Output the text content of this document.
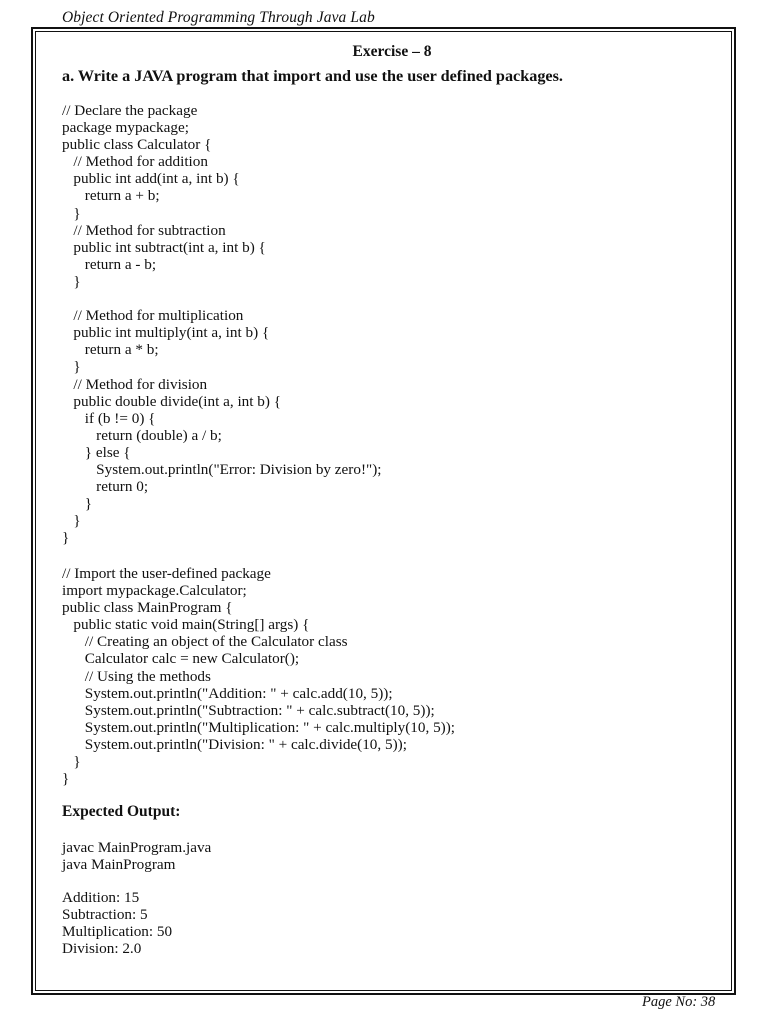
Object Oriented Programming Through Java Lab
Exercise – 8
a. Write a JAVA program that import and use the user defined packages.
// Declare the package
package mypackage;
public class Calculator {
// Method for addition
public int add(int a, int b) {
return a + b;
}
// Method for subtraction
public int subtract(int a, int b) {
return a - b;
}
// Method for multiplication
public int multiply(int a, int b) {
return a * b;
}
// Method for division
public double divide(int a, int b) {
if (b != 0) {
return (double) a / b;
} else {
System.out.println("Error: Division by zero!");
return 0;
}
}
}
// Import the user-defined package
import mypackage.Calculator;
public class MainProgram {
public static void main(String[] args) {
// Creating an object of the Calculator class
Calculator calc = new Calculator();
// Using the methods
System.out.println("Addition: " + calc.add(10, 5));
System.out.println("Subtraction: " + calc.subtract(10, 5));
System.out.println("Multiplication: " + calc.multiply(10, 5));
System.out.println("Division: " + calc.divide(10, 5));
}
}
Expected Output:
javac MainProgram.java
java MainProgram
Addition: 15
Subtraction: 5
Multiplication: 50
Division: 2.0
Page No: 38
